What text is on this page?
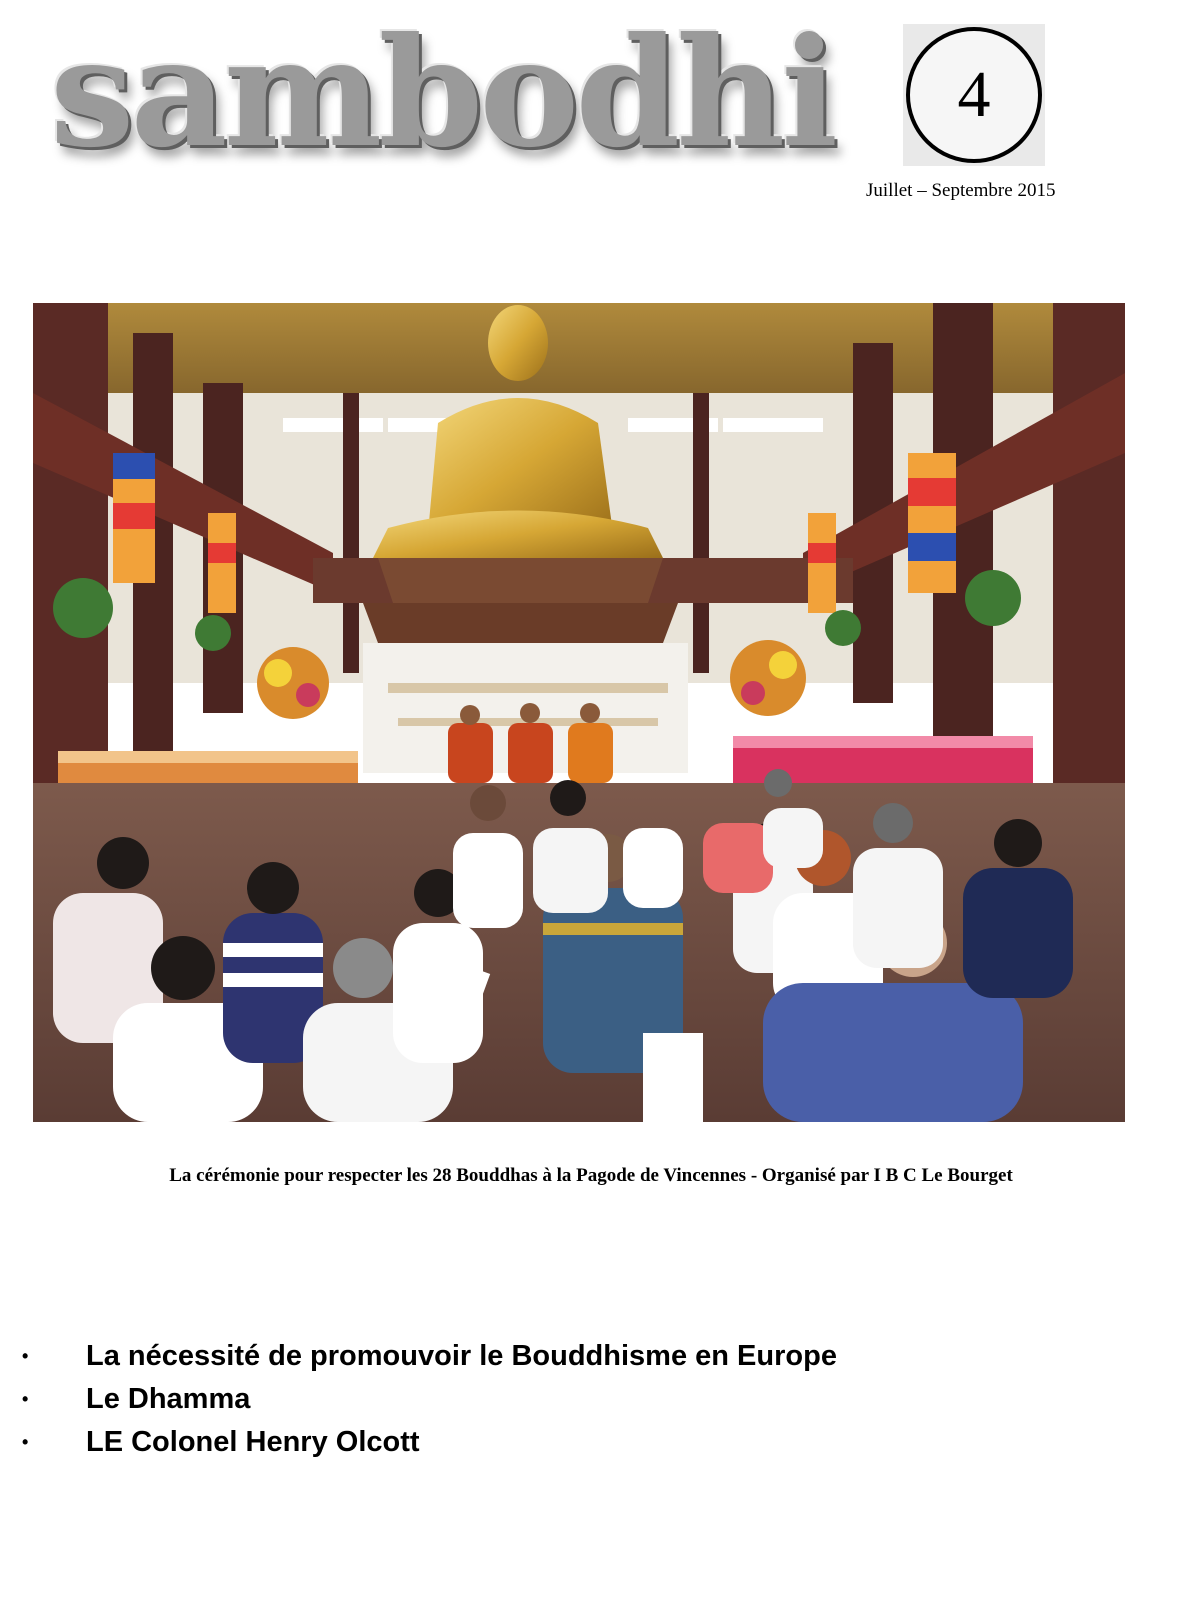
sambodhi	4
Juillet – Septembre 2015
La cérémonie pour respecter les 28 Bouddhas à la Pagode de Vincennes - Organisé par I B C Le Bourget
• La nécessité de promouvoir le Bouddhisme en Europe
• Le Dhamma
• LE Colonel Henry Olcott
